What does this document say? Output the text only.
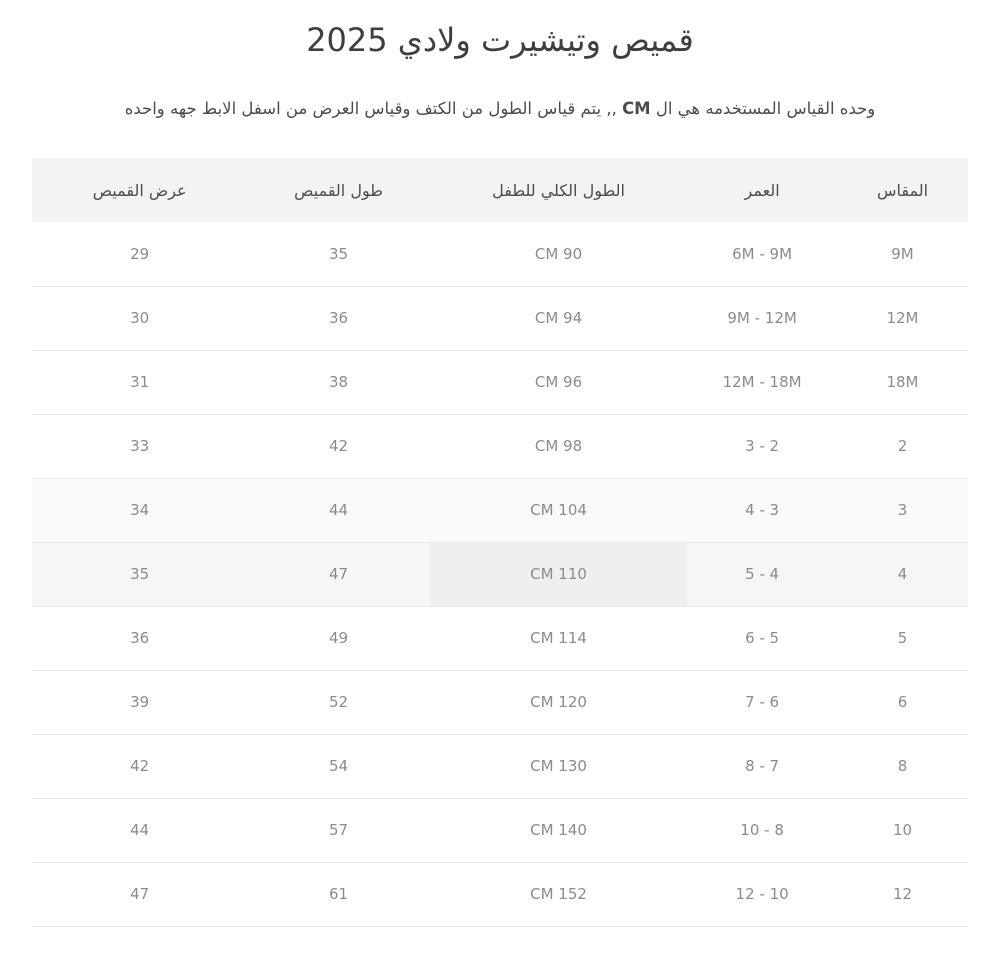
قميص وتيشيرت ولادي 2025

وحده القياس المستخدمه هي ال CM ,, يتم قياس الطول من الكتف وقياس العرض من اسفل الابط جهه واحده

المقاس	العمر	الطول الكلي للطفل	طول القميص	عرض القميص
9M	6M - 9M	CM 90	35	29
12M	9M - 12M	CM 94	36	30
18M	12M - 18M	CM 96	38	31
2	3 - 2	CM 98	42	33
3	4 - 3	CM 104	44	34
4	5 - 4	CM 110	47	35
5	6 - 5	CM 114	49	36
6	7 - 6	CM 120	52	39
8	8 - 7	CM 130	54	42
10	10 - 8	CM 140	57	44
12	12 - 10	CM 152	61	47
